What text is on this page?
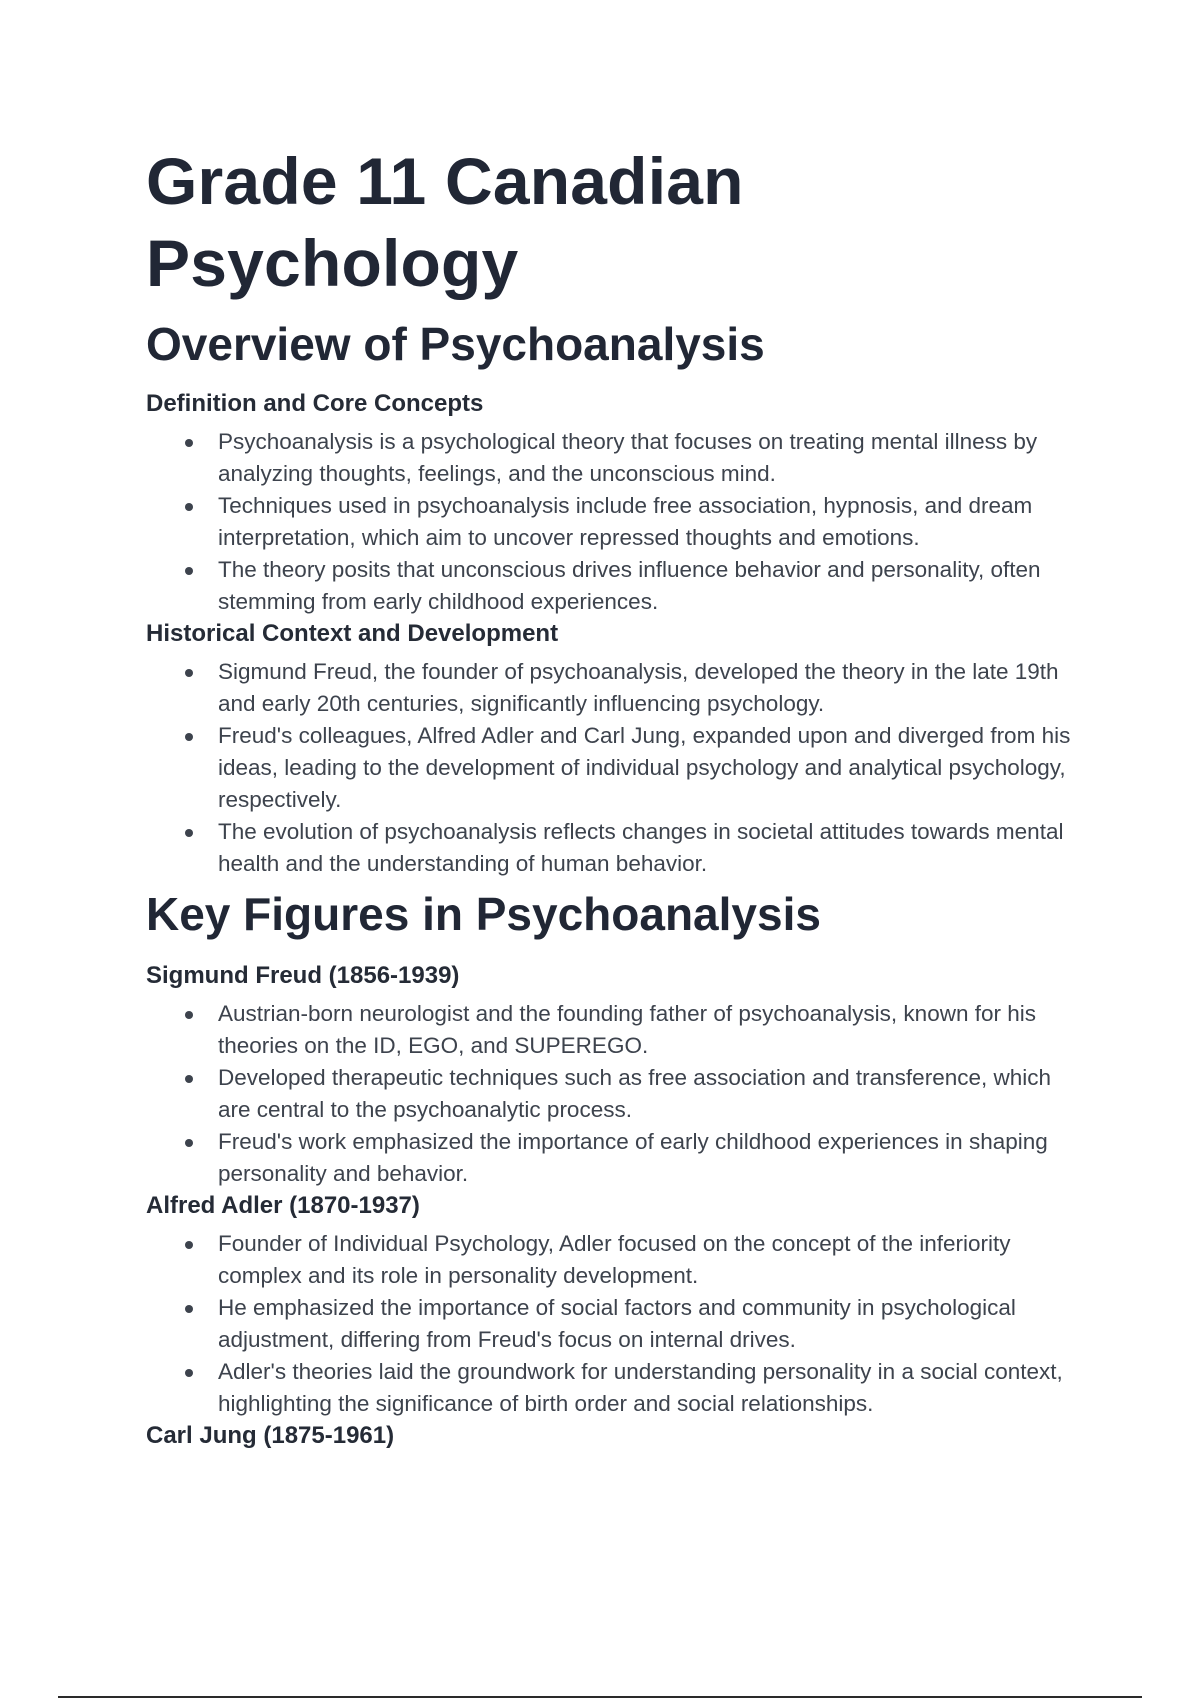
Grade 11 Canadian Psychology
Overview of Psychoanalysis
Definition and Core Concepts
Psychoanalysis is a psychological theory that focuses on treating mental illness by analyzing thoughts, feelings, and the unconscious mind.
Techniques used in psychoanalysis include free association, hypnosis, and dream interpretation, which aim to uncover repressed thoughts and emotions.
The theory posits that unconscious drives influence behavior and personality, often stemming from early childhood experiences.
Historical Context and Development
Sigmund Freud, the founder of psychoanalysis, developed the theory in the late 19th and early 20th centuries, significantly influencing psychology.
Freud's colleagues, Alfred Adler and Carl Jung, expanded upon and diverged from his ideas, leading to the development of individual psychology and analytical psychology, respectively.
The evolution of psychoanalysis reflects changes in societal attitudes towards mental health and the understanding of human behavior.
Key Figures in Psychoanalysis
Sigmund Freud (1856-1939)
Austrian-born neurologist and the founding father of psychoanalysis, known for his theories on the ID, EGO, and SUPEREGO.
Developed therapeutic techniques such as free association and transference, which are central to the psychoanalytic process.
Freud's work emphasized the importance of early childhood experiences in shaping personality and behavior.
Alfred Adler (1870-1937)
Founder of Individual Psychology, Adler focused on the concept of the inferiority complex and its role in personality development.
He emphasized the importance of social factors and community in psychological adjustment, differing from Freud's focus on internal drives.
Adler's theories laid the groundwork for understanding personality in a social context, highlighting the significance of birth order and social relationships.
Carl Jung (1875-1961)
